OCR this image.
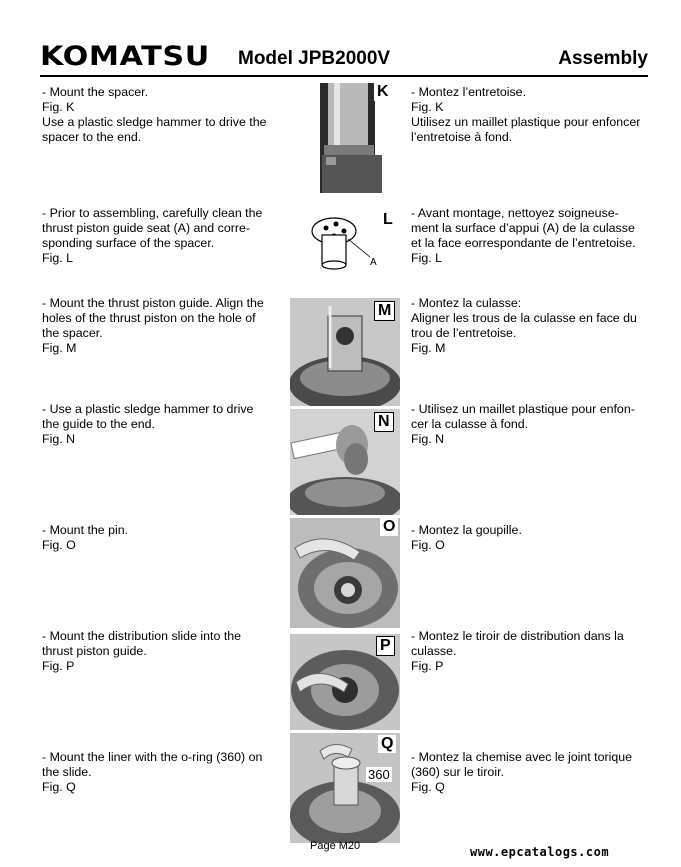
KOMATSU Model JPB2000V	Assembly
- Mount the spacer.
Fig. K
Use a plastic sledge hammer to drive the
spacer to the end.
K - Montez l’entretoise.
Fig. K
Utilisez un maillet plastique pour enfoncer
l’entretoise à fond.
- Prior to assembling, carefully clean the
thrust piston guide seat (A) and corre-
sponding surface of the spacer.
Fig. L
L
A
- Avant montage, nettoyez soigneuse-
ment la surface d’appui (A) de la culasse
et la face eorrespondante de l’entretoise.
Fig. L
- Mount the thrust piston guide. Align the
holes of the thrust piston on the hole of
the spacer.
Fig. M
M	- Montez la culasse:
Aligner les trous de la culasse en face du
trou de l’entretoise.
Fig. M
- Use a plastic sledge hammer to drive
the guide to the end.
Fig. N
N
- Utilisez un maillet plastique pour enfon-
cer la culasse à fond.
Fig. N
- Mount the pin.
Fig. O
O - Montez la goupille.
Fig. O
- Mount the distribution slide into the
thrust piston guide.
Fig. P
P
- Montez le tiroir de distribution dans la
culasse.
Fig. P
- Mount the liner with the o-ring (360) on
the slide.
Fig. Q
Q
360
- Montez la chemise avec le joint torique
(360) sur le tiroir.
Fig. Q
Page M20	www.epcatalogs.com
